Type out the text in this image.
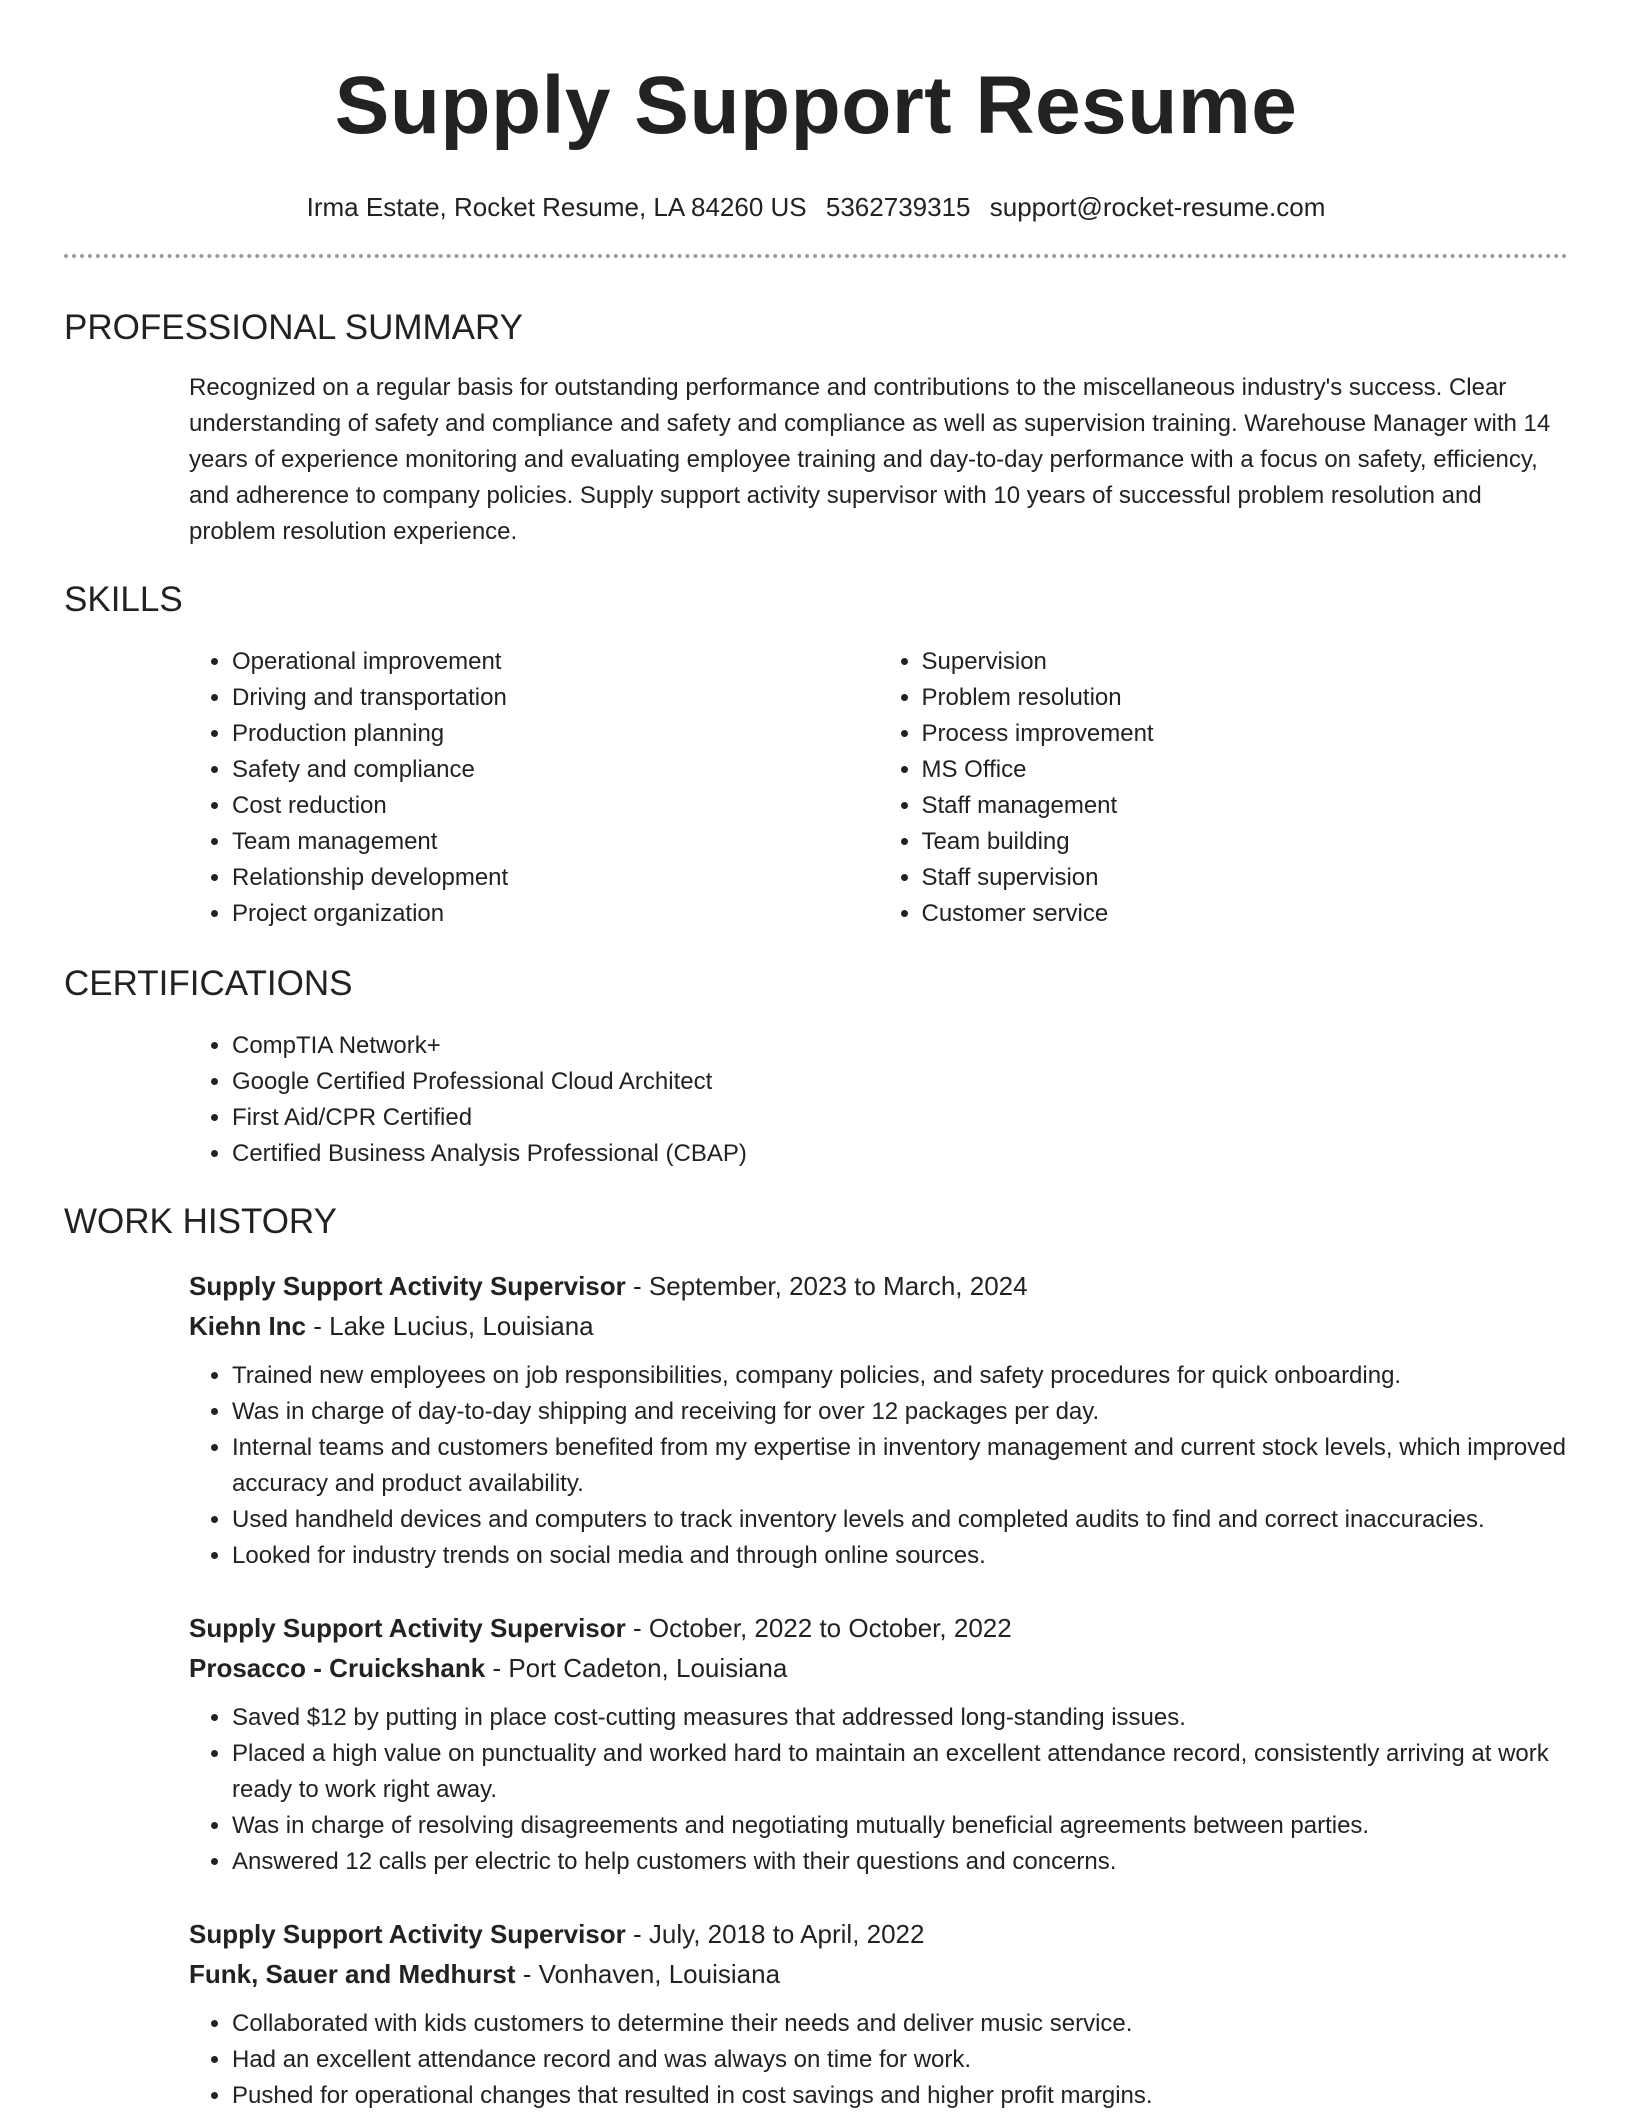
Supply Support Resume
Irma Estate, Rocket Resume, LA 84260 US 5362739315 support@rocket-resume.com
PROFESSIONAL SUMMARY

Recognized on a regular basis for outstanding performance and contributions to the miscellaneous industry's success. Clear understanding of safety and compliance and safety and compliance as well as supervision training. Warehouse Manager with 14 years of experience monitoring and evaluating employee training and day-to-day performance with a focus on safety, efficiency, and adherence to company policies. Supply support activity supervisor with 10 years of successful problem resolution and problem resolution experience.

SKILLS
• Operational improvement
• Driving and transportation
• Production planning
• Safety and compliance
• Cost reduction
• Team management
• Relationship development
• Project organization
• Supervision
• Problem resolution
• Process improvement
• MS Office
• Staff management
• Team building
• Staff supervision
• Customer service
CERTIFICATIONS
• CompTIA Network+
• Google Certified Professional Cloud Architect
• First Aid/CPR Certified
• Certified Business Analysis Professional (CBAP)
WORK HISTORY
Supply Support Activity Supervisor - September, 2023 to March, 2024
Kiehn Inc - Lake Lucius, Louisiana
• Trained new employees on job responsibilities, company policies, and safety procedures for quick onboarding.
• Was in charge of day-to-day shipping and receiving for over 12 packages per day.
• Internal teams and customers benefited from my expertise in inventory management and current stock levels, which improved accuracy and product availability.
• Used handheld devices and computers to track inventory levels and completed audits to find and correct inaccuracies.
• Looked for industry trends on social media and through online sources.
Supply Support Activity Supervisor - October, 2022 to October, 2022
Prosacco - Cruickshank - Port Cadeton, Louisiana
• Saved $12 by putting in place cost-cutting measures that addressed long-standing issues.
• Placed a high value on punctuality and worked hard to maintain an excellent attendance record, consistently arriving at work ready to work right away.
• Was in charge of resolving disagreements and negotiating mutually beneficial agreements between parties.
• Answered 12 calls per electric to help customers with their questions and concerns.
Supply Support Activity Supervisor - July, 2018 to April, 2022
Funk, Sauer and Medhurst - Vonhaven, Louisiana
• Collaborated with kids customers to determine their needs and deliver music service.
• Had an excellent attendance record and was always on time for work.
• Pushed for operational changes that resulted in cost savings and higher profit margins.
